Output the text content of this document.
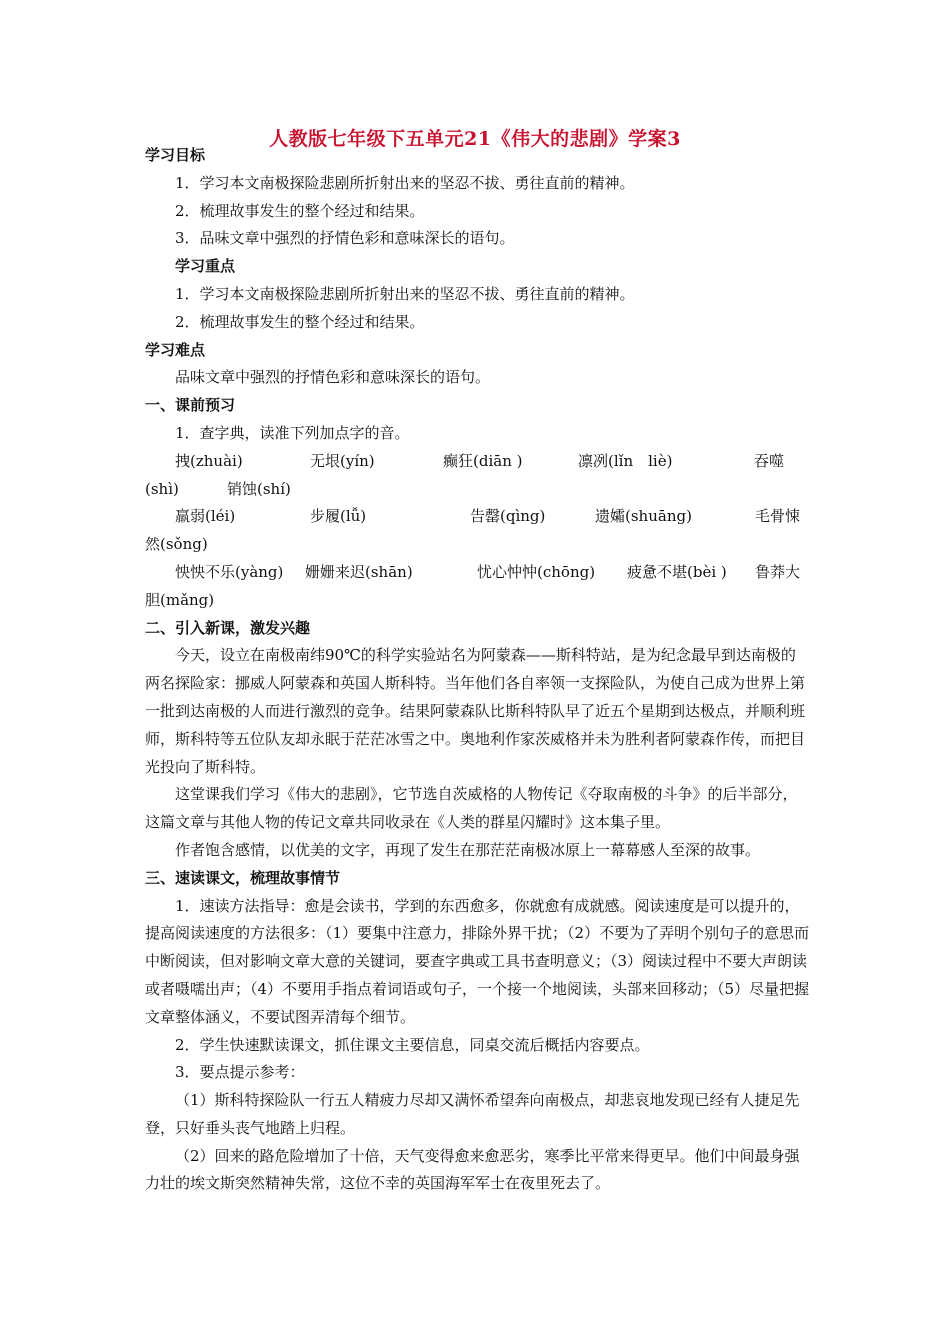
人教版七年级下五单元21《伟大的悲剧》学案3

学习目标

1．学习本文南极探险悲剧所折射出来的坚忍不拔、勇往直前的精神。

2．梳理故事发生的整个经过和结果。

3．品味文章中强烈的抒情色彩和意味深长的语句。

学习重点

1．学习本文南极探险悲剧所折射出来的坚忍不拔、勇往直前的精神。

2．梳理故事发生的整个经过和结果。

学习难点

品味文章中强烈的抒情色彩和意味深长的语句。

一、课前预习

1．查字典，读准下列加点字的音。

拽(zhuài)	无垠(yín)	癫狂(diān )	凛冽(lǐn　liè)	吞噬
(shì)	销蚀(shí)
羸弱(léi)	步履(lǚ)	告罄(qìng)	遗孀(shuāng)	毛骨悚
然(sǒng)
怏怏不乐(yàng)	姗姗来迟(shān)	忧心忡忡(chōng)	疲惫不堪(bèi )	鲁莽大
胆(mǎng)

二、引入新课，激发兴趣

今天，设立在南极南纬90℃的科学实验站名为阿蒙森——斯科特站，是为纪念最早到达南极的两名探险家：挪威人阿蒙森和英国人斯科特。当年他们各自率领一支探险队，为使自己成为世界上第一批到达南极的人而进行激烈的竞争。结果阿蒙森队比斯科特队早了近五个星期到达极点，并顺利班师，斯科特等五位队友却永眠于茫茫冰雪之中。奥地利作家茨威格并未为胜利者阿蒙森作传，而把目光投向了斯科特。

这堂课我们学习《伟大的悲剧》，它节选自茨威格的人物传记《夺取南极的斗争》的后半部分，这篇文章与其他人物的传记文章共同收录在《人类的群星闪耀时》这本集子里。

作者饱含感情，以优美的文字，再现了发生在那茫茫南极冰原上一幕幕感人至深的故事。

三、速读课文，梳理故事情节

1．速读方法指导：愈是会读书，学到的东西愈多，你就愈有成就感。阅读速度是可以提升的，提高阅读速度的方法很多：（1）要集中注意力，排除外界干扰；（2）不要为了弄明个别句子的意思而中断阅读，但对影响文章大意的关键词，要查字典或工具书查明意义；（3）阅读过程中不要大声朗读或者嗫嚅出声；（4）不要用手指点着词语或句子，一个接一个地阅读，头部来回移动；（5）尽量把握文章整体涵义，不要试图弄清每个细节。

2．学生快速默读课文，抓住课文主要信息，同桌交流后概括内容要点。

3．要点提示参考：

（1）斯科特探险队一行五人精疲力尽却又满怀希望奔向南极点，却悲哀地发现已经有人捷足先登，只好垂头丧气地踏上归程。

（2）回来的路危险增加了十倍，天气变得愈来愈恶劣，寒季比平常来得更早。他们中间最身强力壮的埃文斯突然精神失常，这位不幸的英国海军军士在夜里死去了。
